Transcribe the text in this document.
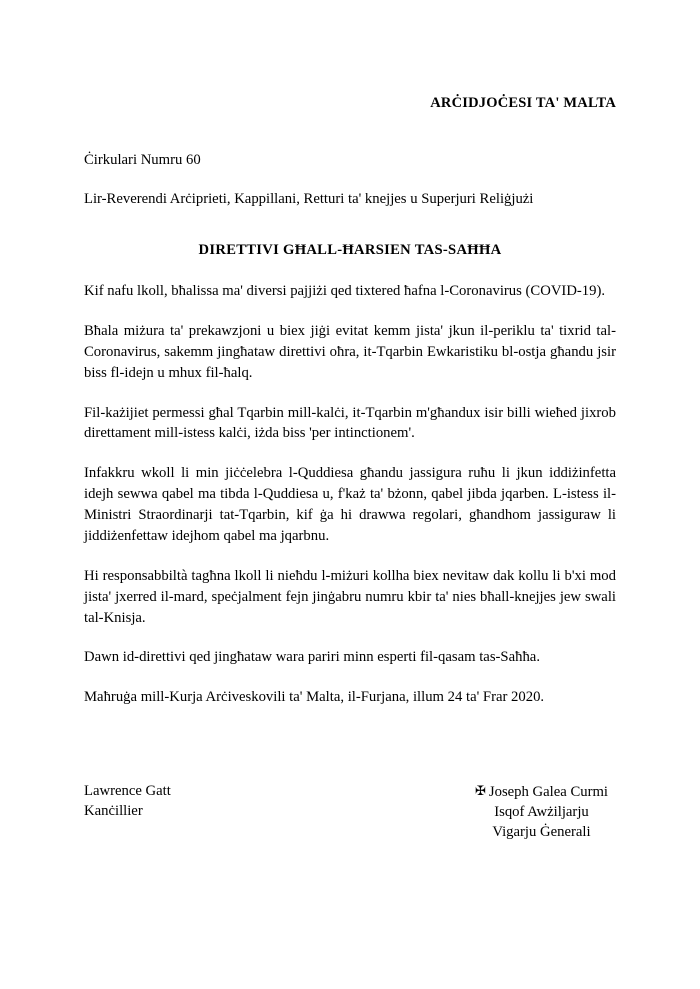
ARĊIDJOĊESI TA' MALTA
Ċirkulari Numru 60
Lir-Reverendi Arċiprieti, Kappillani, Retturi ta' knejjes u Superjuri Reliġjużi
DIRETTIVI GĦALL-ĦARSIEN TAS-SAĦĦA

Kif nafu lkoll, bħalissa ma' diversi pajjiżi qed tixtered ħafna l-Coronavirus (COVID-19).

Bħala miżura ta' prekawzjoni u biex jiġi evitat kemm jista' jkun il-periklu ta' tixrid tal-Coronavirus, sakemm jingħataw direttivi oħra, it-Tqarbin Ewkaristiku bl-ostja għandu jsir biss fl-idejn u mhux fil-ħalq.

Fil-każijiet permessi għal Tqarbin mill-kalċi, it-Tqarbin m'għandux isir billi wieħed jixrob direttament mill-istess kalċi, iżda biss 'per intinctionem'.

Infakkru wkoll li min jiċċelebra l-Quddiesa għandu jassigura ruħu li jkun iddiżinfetta idejh sewwa qabel ma tibda l-Quddiesa u, f'każ ta' bżonn, qabel jibda jqarben. L-istess il-Ministri Straordinarji tat-Tqarbin, kif ġa hi drawwa regolari, għandhom jassiguraw li jiddiżenfettaw idejhom qabel ma jqarbnu.

Hi responsabbiltà tagħna lkoll li nieħdu l-miżuri kollha biex nevitaw dak kollu li b'xi mod jista' jxerred il-mard, speċjalment fejn jinġabru numru kbir ta' nies bħall-knejjes jew swali tal-Knisja.

Dawn id-direttivi qed jingħataw wara pariri minn esperti fil-qasam tas-Saħħa.

Maħruġa mill-Kurja Arċiveskovili ta' Malta, il-Furjana, illum 24 ta' Frar 2020.

Lawrence Gatt
Kanċillier
✠ Joseph Galea Curmi
Isqof Awżiljarju
Vigarju Ġenerali
